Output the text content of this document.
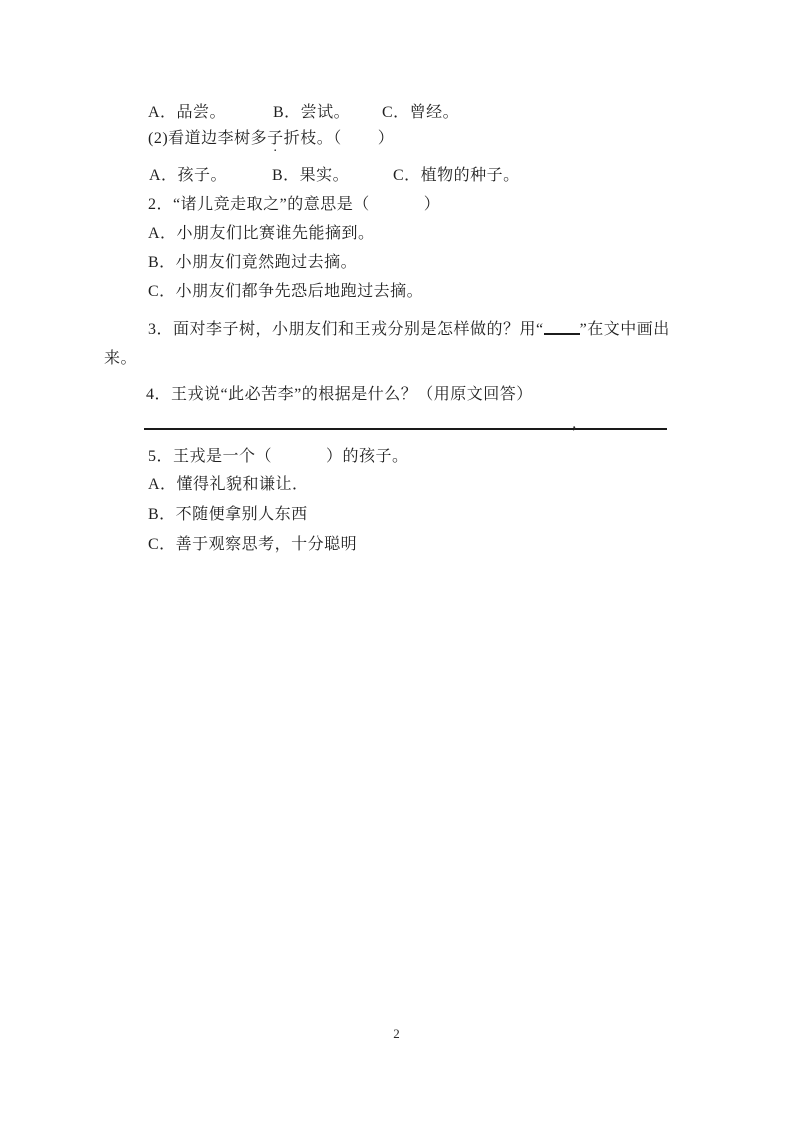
A．品尝。

	B．尝试。

C．曾经。

(2)看道边李树多子
·
折枝。（        ）

A．孩子。

	B．果实。

	C．植物的种子。

2．“诸儿竞走取之”的意思是（            ）
A．小朋友们比赛谁先能摘到。
B．小朋友们竟然跑过去摘。
C．小朋友们都争先恐后地跑过去摘。
3．面对李子树，小朋友们和王戎分别是怎样做的？用“ ”在文中画出
来。
4．王戎说“此必苦李”的根据是什么？（用原文回答）
，
5．王戎是一个（            ）的孩子。
A．懂得礼貌和谦让．
B．不随便拿别人东西
C．善于观察思考，十分聪明
2
